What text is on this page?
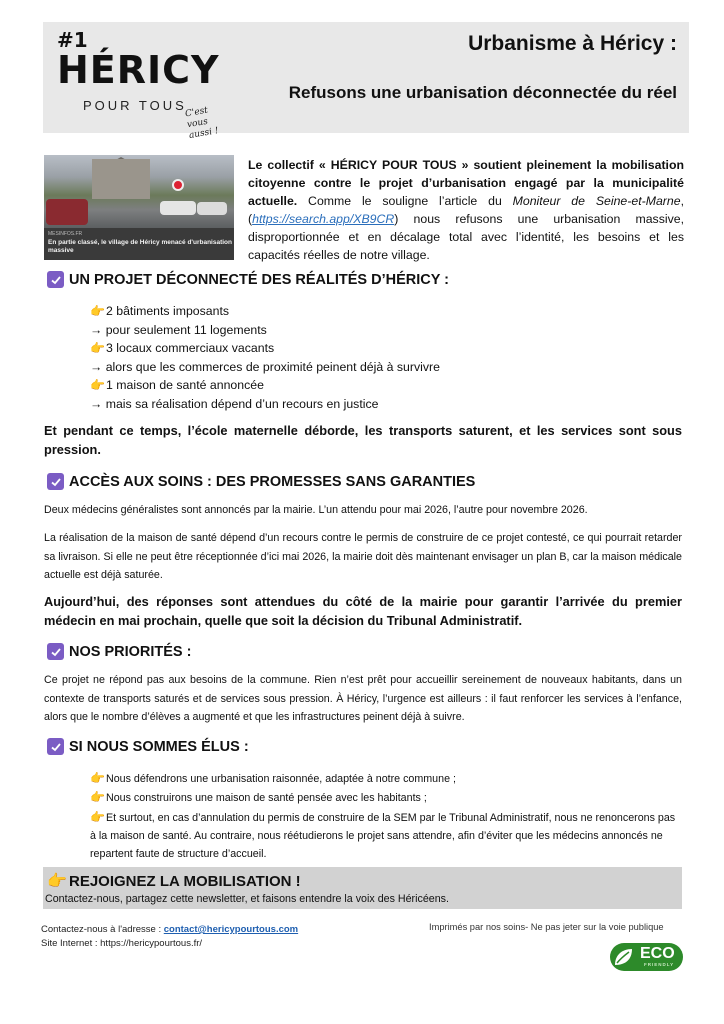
#1
HÉRICY
POUR TOUS
C'est vous
aussi !
Urbanisme à Héricy :
Refusons une urbanisation déconnectée du réel
MESINFOS.FR
En partie classé, le village de Héricy menacé d'urbanisation massive
Le collectif « HÉRICY POUR TOUS » soutient pleinement la mobilisation citoyenne contre le projet d’urbanisation engagé par la municipalité actuelle. Comme le souligne l’article du Moniteur de Seine-et-Marne, (https://search.app/XB9CR) nous refusons une urbanisation massive, disproportionnée et en décalage total avec l’identité, les besoins et les capacités réelles de notre village.
UN PROJET DÉCONNECTÉ DES RÉALITÉS D’HÉRICY :
👉2 bâtiments imposants
→ pour seulement 11 logements
👉3 locaux commerciaux vacants
→ alors que les commerces de proximité peinent déjà à survivre
👉1 maison de santé annoncée
→ mais sa réalisation dépend d’un recours en justice
Et pendant ce temps, l’école maternelle déborde, les transports saturent, et les services sont sous pression.
ACCÈS AUX SOINS : DES PROMESSES SANS GARANTIES
Deux médecins généralistes sont annoncés par la mairie. L’un attendu pour mai 2026, l’autre pour novembre 2026.
La réalisation de la maison de santé dépend d’un recours contre le permis de construire de ce projet contesté, ce qui pourrait retarder sa livraison. Si elle ne peut être réceptionnée d’ici mai 2026, la mairie doit dès maintenant envisager un plan B, car la maison médicale actuelle est déjà saturée.
Aujourd’hui, des réponses sont attendues du côté de la mairie pour garantir l’arrivée du premier médecin en mai prochain, quelle que soit la décision du Tribunal Administratif.
NOS PRIORITÉS :
Ce projet ne répond pas aux besoins de la commune. Rien n’est prêt pour accueillir sereinement de nouveaux habitants, dans un contexte de transports saturés et de services sous pression. À Héricy, l’urgence est ailleurs : il faut renforcer les services à l’enfance, alors que le nombre d’élèves a augmenté et que les infrastructures peinent déjà à suivre.
SI NOUS SOMMES ÉLUS :
👉Nous défendrons une urbanisation raisonnée, adaptée à notre commune ;
👉Nous construirons une maison de santé pensée avec les habitants ;
👉Et surtout, en cas d’annulation du permis de construire de la SEM par le Tribunal Administratif, nous ne renoncerons pas à la maison de santé. Au contraire, nous réétudierons le projet sans attendre, afin d’éviter que les médecins annoncés ne repartent faute de structure d’accueil.
👉 REJOIGNEZ LA MOBILISATION !
Contactez-nous, partagez cette newsletter, et faisons entendre la voix des Héricéens.
Contactez-nous à l'adresse : contact@hericypourtous.com
Site Internet : https://hericypourtous.fr/
Imprimés par nos soins- Ne pas jeter sur la voie publique
ECO
FRIENDLY
